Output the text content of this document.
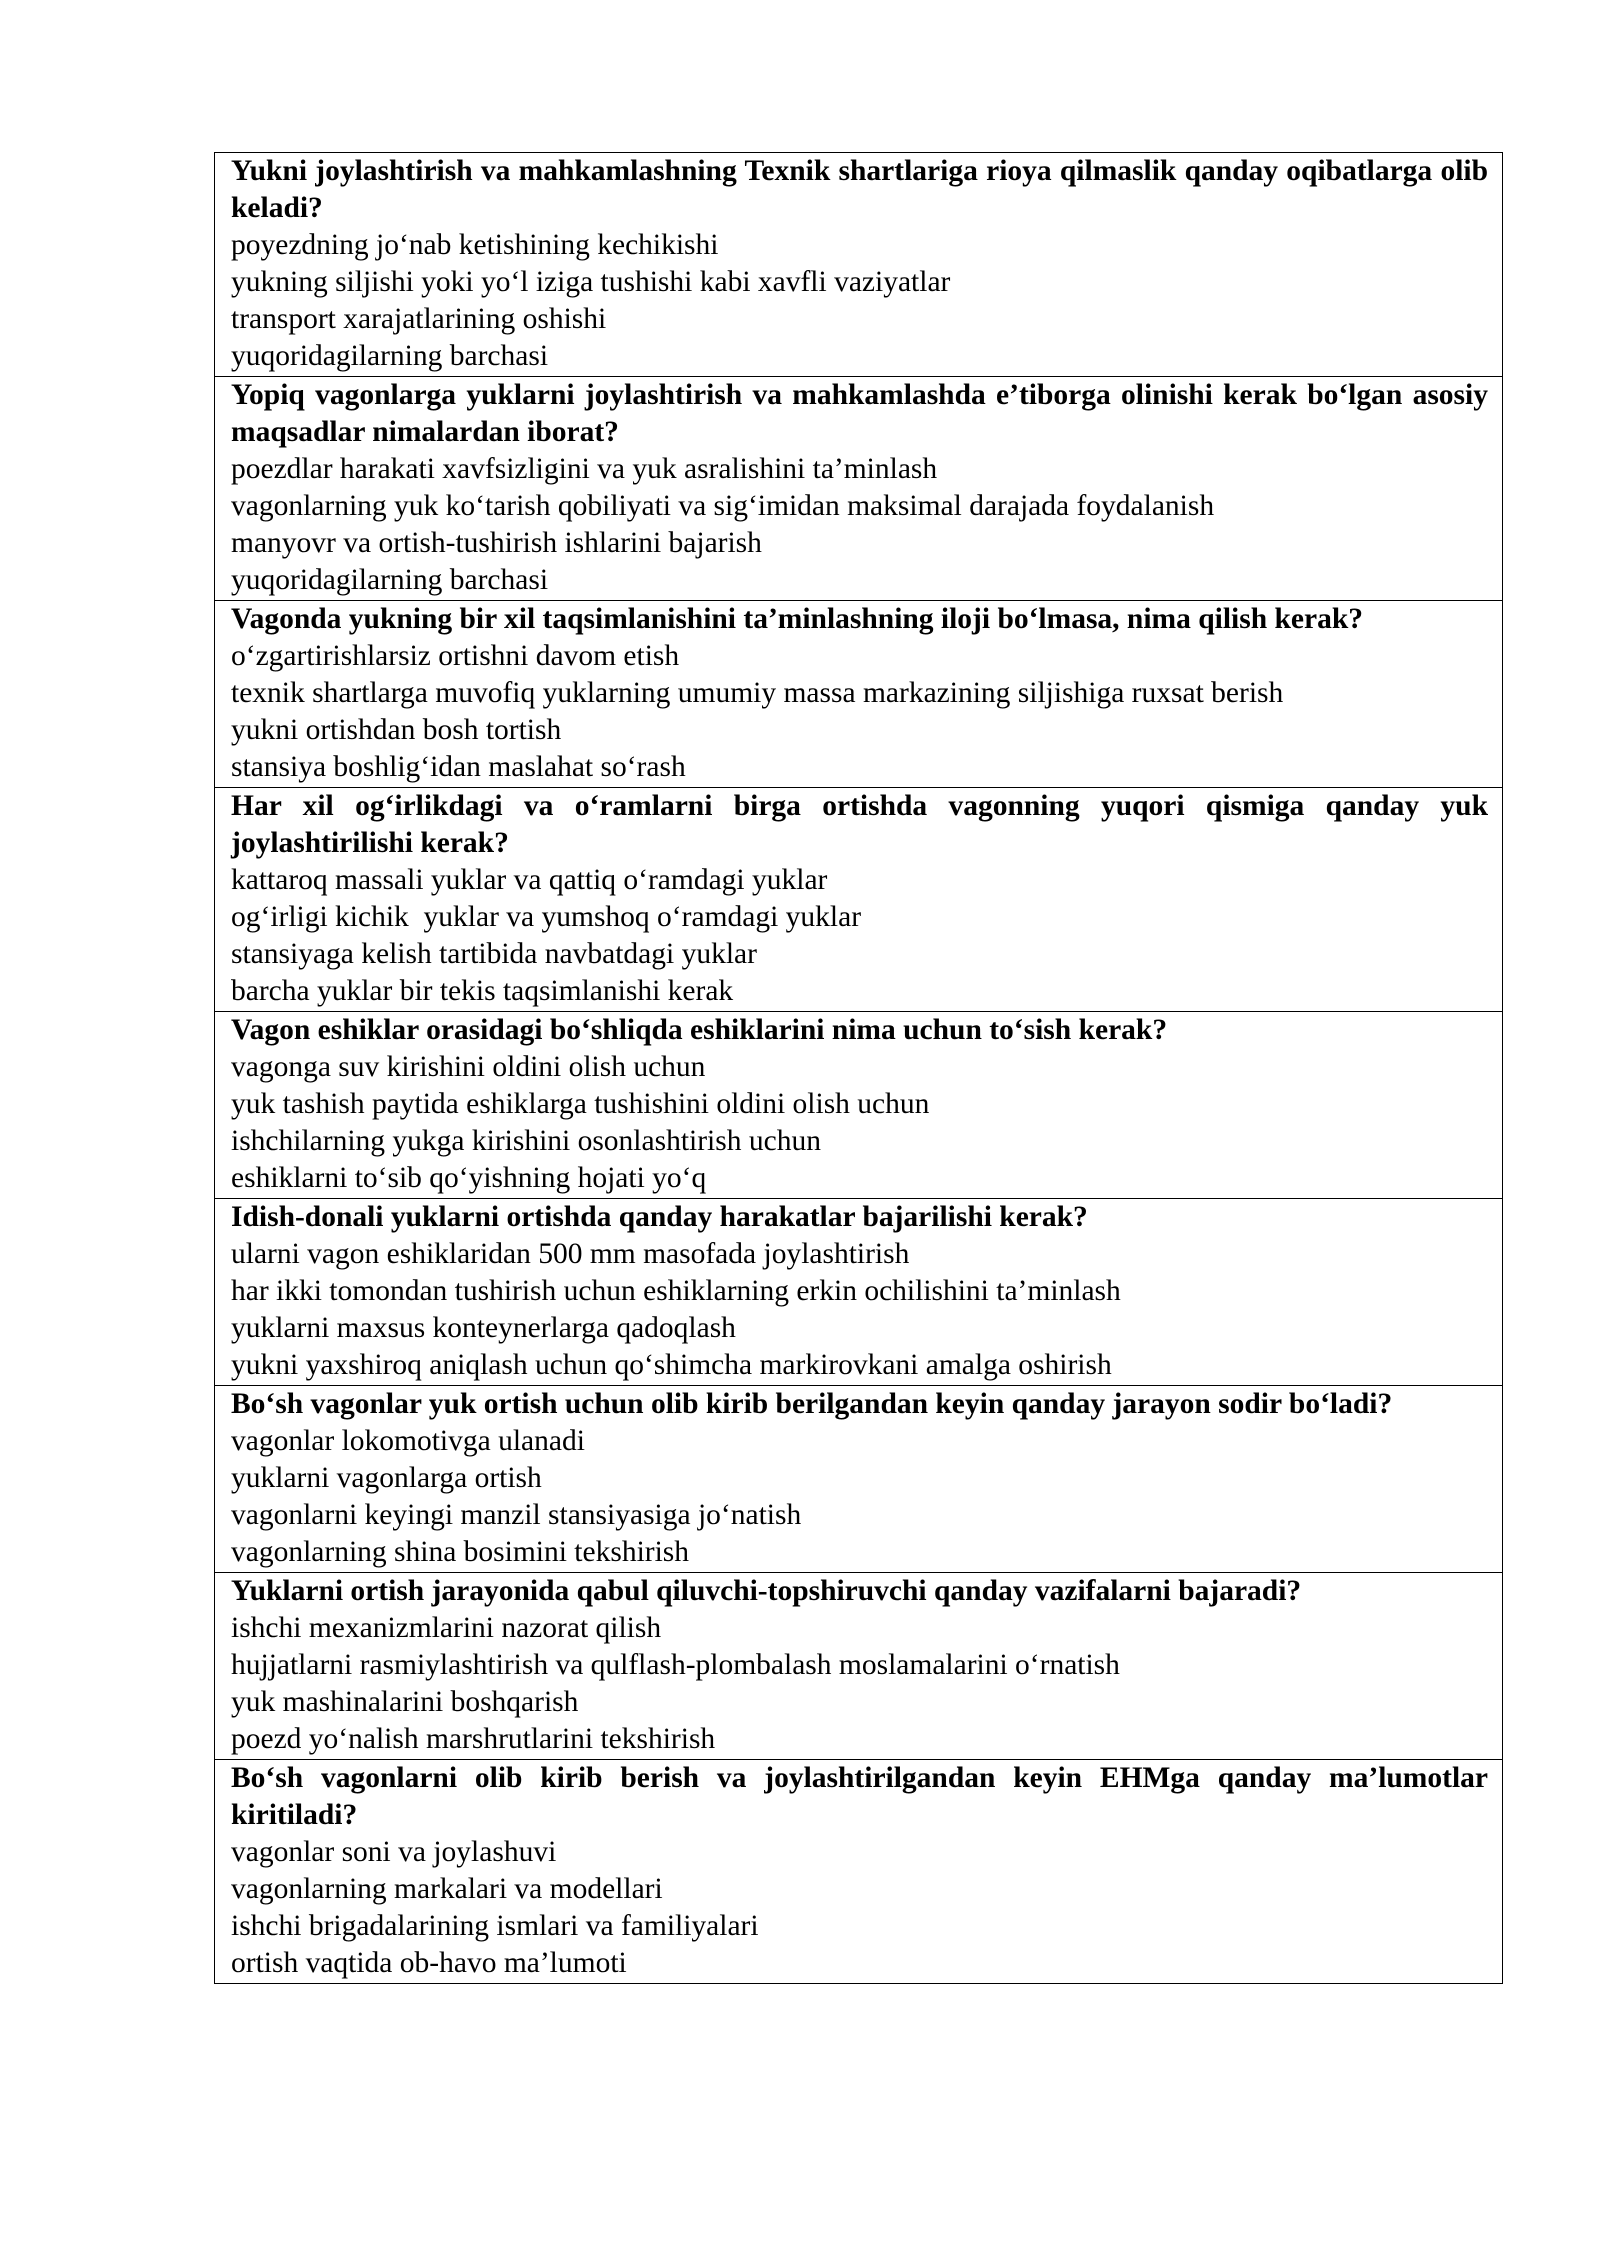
Yukni joylashtirish va mahkamlashning Texnik shartlariga rioya qilmaslik qanday oqibatlarga olib keladi?

poyezdning jo‘nab ketishining kechikishi

yukning siljishi yoki yo‘l iziga tushishi kabi xavfli vaziyatlar

transport xarajatlarining oshishi

yuqoridagilarning barchasi

Yopiq vagonlarga yuklarni joylashtirish va mahkamlashda e’tiborga olinishi kerak bo‘lgan asosiy maqsadlar nimalardan iborat?

poezdlar harakati xavfsizligini va yuk asralishini ta’minlash

vagonlarning yuk ko‘tarish qobiliyati va sig‘imidan maksimal darajada foydalanish

manyovr va ortish-tushirish ishlarini bajarish

yuqoridagilarning barchasi

Vagonda yukning bir xil taqsimlanishini ta’minlashning iloji bo‘lmasa, nima qilish kerak?

o‘zgartirishlarsiz ortishni davom etish

texnik shartlarga muvofiq yuklarning umumiy massa markazining siljishiga ruxsat berish

yukni ortishdan bosh tortish

stansiya boshlig‘idan maslahat so‘rash

Har xil og‘irlikdagi va o‘ramlarni birga ortishda vagonning yuqori qismiga qanday yuk joylashtirilishi kerak?

kattaroq massali yuklar va qattiq o‘ramdagi yuklar

og‘irligi kichik  yuklar va yumshoq o‘ramdagi yuklar

stansiyaga kelish tartibida navbatdagi yuklar

barcha yuklar bir tekis taqsimlanishi kerak

Vagon eshiklar orasidagi bo‘shliqda eshiklarini nima uchun to‘sish kerak?

vagonga suv kirishini oldini olish uchun

yuk tashish paytida eshiklarga tushishini oldini olish uchun

ishchilarning yukga kirishini osonlashtirish uchun

eshiklarni to‘sib qo‘yishning hojati yo‘q

Idish-donali yuklarni ortishda qanday harakatlar bajarilishi kerak?

ularni vagon eshiklaridan 500 mm masofada joylashtirish

har ikki tomondan tushirish uchun eshiklarning erkin ochilishini ta’minlash

yuklarni maxsus konteynerlarga qadoqlash

yukni yaxshiroq aniqlash uchun qo‘shimcha markirovkani amalga oshirish

Bo‘sh vagonlar yuk ortish uchun olib kirib berilgandan keyin qanday jarayon sodir bo‘ladi?

vagonlar lokomotivga ulanadi

yuklarni vagonlarga ortish

vagonlarni keyingi manzil stansiyasiga jo‘natish

vagonlarning shina bosimini tekshirish

Yuklarni ortish jarayonida qabul qiluvchi-topshiruvchi qanday vazifalarni bajaradi?

ishchi mexanizmlarini nazorat qilish

hujjatlarni rasmiylashtirish va qulflash-plombalash moslamalarini o‘rnatish

yuk mashinalarini boshqarish

poezd yo‘nalish marshrutlarini tekshirish

Bo‘sh vagonlarni olib kirib berish va joylashtirilgandan keyin EHMga qanday ma’lumotlar kiritiladi?

vagonlar soni va joylashuvi

vagonlarning markalari va modellari

ishchi brigadalarining ismlari va familiyalari

ortish vaqtida ob-havo ma’lumoti
